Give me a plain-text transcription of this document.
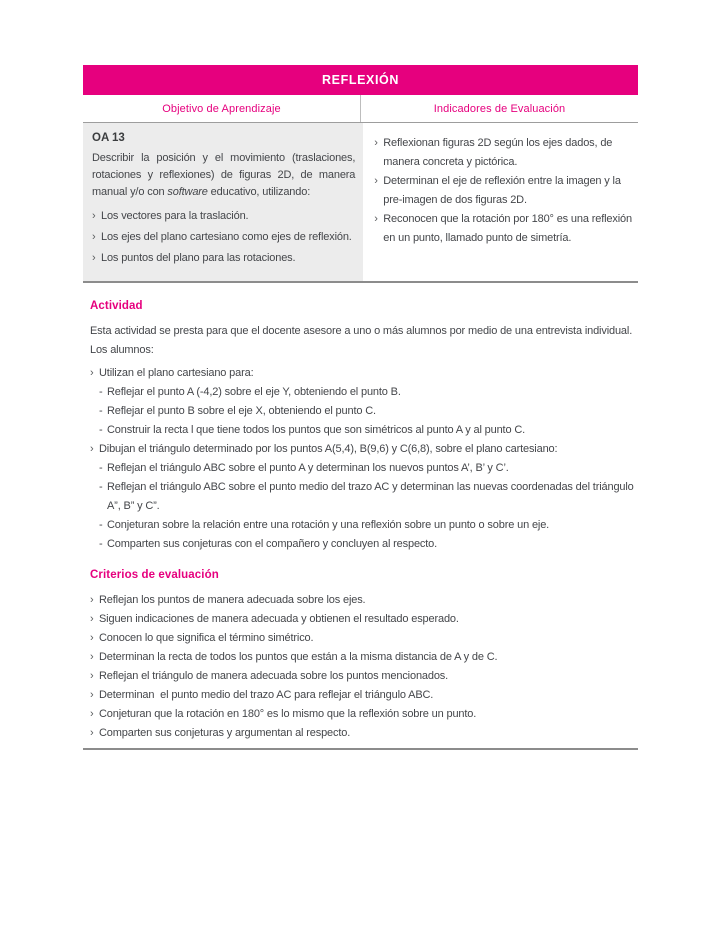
REFLEXIÓN
Objetivo de Aprendizaje	Indicadores de Evaluación
OA 13
Describir la posición y el movimiento (traslaciones, rotaciones y reflexiones) de figuras 2D, de manera manual y/o con software educativo, utilizando:
› Los vectores para la traslación.
› Los ejes del plano cartesiano como ejes de reflexión.
› Los puntos del plano para las rotaciones.
› Reflexionan figuras 2D según los ejes dados, de manera concreta y pictórica.
› Determinan el eje de reflexión entre la imagen y la pre-imagen de dos figuras 2D.
› Reconocen que la rotación por 180° es una reflexión en un punto, llamado punto de simetría.
Actividad

Esta actividad se presta para que el docente asesore a uno o más alumnos por medio de una entrevista individual.

Los alumnos:

› Utilizan el plano cartesiano para:
- Reflejar el punto A (-4,2) sobre el eje Y, obteniendo el punto B.
- Reflejar el punto B sobre el eje X, obteniendo el punto C.
- Construir la recta l que tiene todos los puntos que son simétricos al punto A y al punto C.
› Dibujan el triángulo determinado por los puntos A(5,4), B(9,6) y C(6,8), sobre el plano cartesiano:
- Reflejan el triángulo ABC sobre el punto A y determinan los nuevos puntos A’, B’ y C’.
- Reflejan el triángulo ABC sobre el punto medio del trazo AC y determinan las nuevas coordenadas del triángulo A”, B” y C”.
- Conjeturan sobre la relación entre una rotación y una reflexión sobre un punto o sobre un eje.
- Comparten sus conjeturas con el compañero y concluyen al respecto.
Criterios de evaluación
› Reflejan los puntos de manera adecuada sobre los ejes.
› Siguen indicaciones de manera adecuada y obtienen el resultado esperado.
› Conocen lo que significa el término simétrico.
› Determinan la recta de todos los puntos que están a la misma distancia de A y de C.
› Reflejan el triángulo de manera adecuada sobre los puntos mencionados.
› Determinan  el punto medio del trazo AC para reflejar el triángulo ABC.
› Conjeturan que la rotación en 180° es lo mismo que la reflexión sobre un punto.
› Comparten sus conjeturas y argumentan al respecto.
